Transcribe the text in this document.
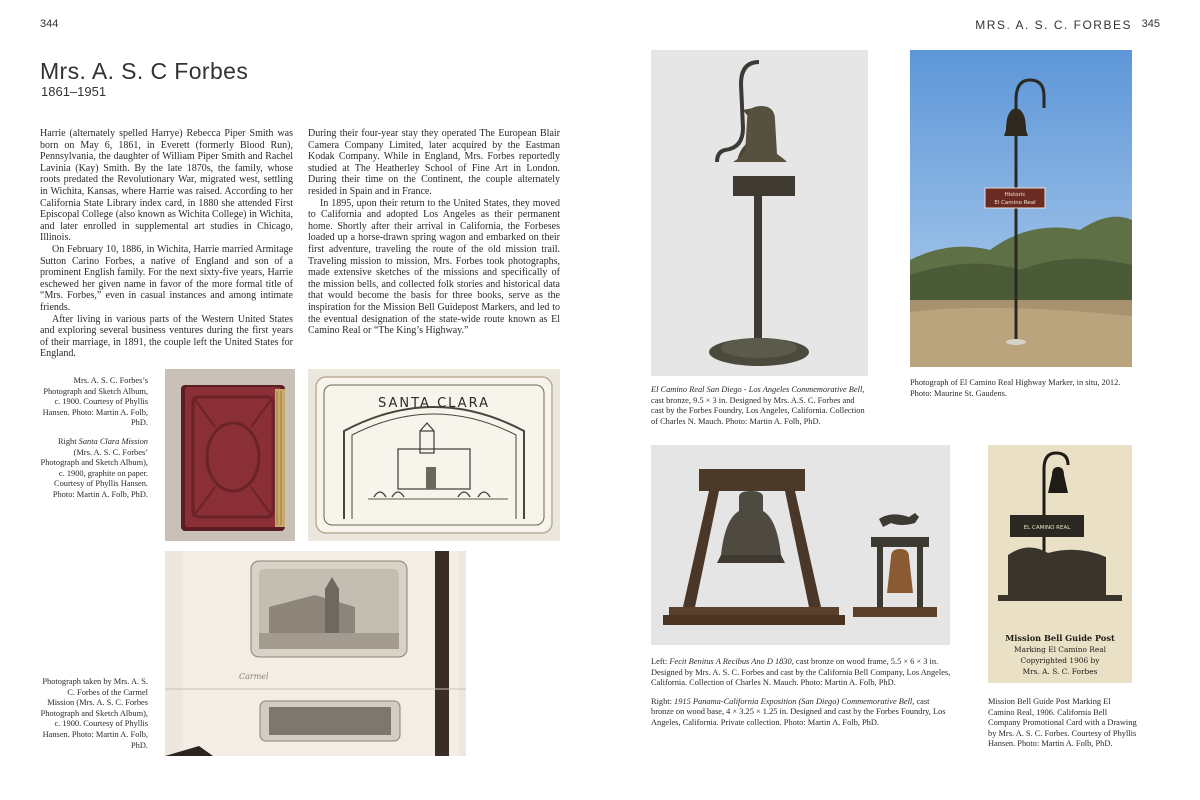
344	MRS. A. S. C. FORBES 345
Mrs. A. S. C Forbes
1861–1951

Harrie (alternately spelled Harrye) Rebecca Piper Smith was born on May 6, 1861, in Everett (formerly Blood Run), Pennsylvania, the daughter of William Piper Smith and Rachel Lavinia (Kay) Smith. By the late 1870s, the family, whose roots predated the Revolutionary War, migrated west, settling in Wichita, Kansas, where Harrie was raised. According to her California State Library index card, in 1880 she attended First Episcopal College (also known as Wichita College) in Wichita, and later enrolled in supplemental art studies in Chicago, Illinois.

On February 10, 1886, in Wichita, Harrie married Armitage Sutton Carino Forbes, a native of England and son of a prominent English family. For the next sixty-five years, Harrie eschewed her given name in favor of the more formal title of “Mrs. Forbes,” even in casual instances and among intimate friends.

After living in various parts of the Western United States and exploring several business ventures during the first years of their marriage, in 1891, the couple left the United States for England.

During their four-year stay they operated The European Blair Camera Company Limited, later acquired by the Eastman Kodak Company. While in England, Mrs. Forbes reportedly studied at The Heatherley School of Fine Art in London. During their time on the Continent, the couple alternately resided in Spain and in France.

In 1895, upon their return to the United States, they moved to California and adopted Los Angeles as their permanent home. Shortly after their arrival in California, the Forbeses loaded up a horse-drawn spring wagon and embarked on their first adventure, traveling the route of the old mission trail. Traveling mission to mission, Mrs. Forbes took photographs, made extensive sketches of the missions and specifically of the mission bells, and collected folk stories and historical data that would become the basis for three books, serve as the inspiration for the Mission Bell Guidepost Markers, and led to the eventual designation of the state-wide route known as El Camino Real or “The King’s Highway.”

Mrs. A. S. C. Forbes’s Photograph and Sketch Album, c. 1900. Courtesy of Phyllis Hansen. Photo: Martin A. Folb, PhD.

Right Santa Clara Mission (Mrs. A. S. C. Forbes’ Photograph and Sketch Album), c. 1900, graphite on paper. Courtesy of Phyllis Hansen. Photo: Martin A. Folb, PhD.

Photograph taken by Mrs. A. S. C. Forbes of the Carmel Mission (Mrs. A. S. C. Forbes Photograph and Sketch Album), c. 1900. Courtesy of Phyllis Hansen. Photo: Martin A. Folb, PhD.

SANTA CLARA
Carmel
Historic
El Camino Real

El Camino Real San Diego - Los Angeles Commemorative Bell, cast bronze, 9.5 × 3 in. Designed by Mrs. A.S. C. Forbes and cast by the Forbes Foundry, Los Angeles, California. Collection of Charles N. Mauch. Photo: Martin A. Folb, PhD.

Photograph of El Camino Real Highway Marker, in situ, 2012. Photo: Maurine St. Gaudens.

EL CAMINO REAL
Mission Bell Guide Post
Marking El Camino Real
Copyrighted 1906 by
Mrs. A. S. C. Forbes

Left: Fecit Benitus A Recibus Ano D 1830, cast bronze on wood frame, 5.5 × 6 × 3 in. Designed by Mrs. A. S. C. Forbes and cast by the California Bell Company, Los Angeles, California. Collection of Charles N. Mauch. Photo: Martin A. Folb, PhD.

Right: 1915 Panama-California Exposition (San Diego) Commemorative Bell, cast bronze on wood base, 4 × 3.25 × 1.25 in. Designed and cast by the Forbes Foundry, Los Angeles, California. Private collection. Photo: Martin A. Folb, PhD.

Mission Bell Guide Post Marking El Camino Real, 1906. California Bell Company Promotional Card with a Drawing by Mrs. A. S. C. Forbes. Courtesy of Phyllis Hansen. Photo: Martin A. Folb, PhD.
